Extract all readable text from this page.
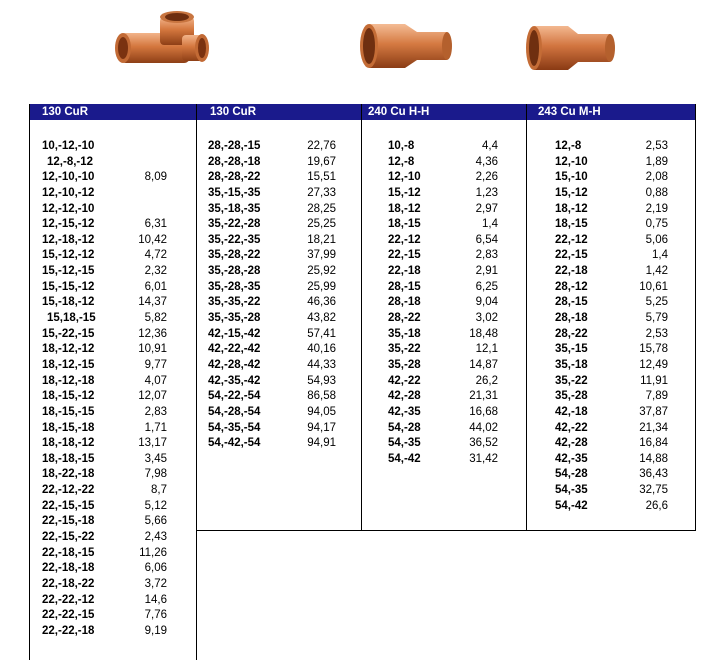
130 CuR	130 CuR	240 Cu H-H	243 Cu M-H
10,-12,-10
12,-8,-12
12,-10,-10	8,09
12,-10,-12
12,-12,-10
12,-15,-12	6,31
12,-18,-12	10,42
15,-12,-12	4,72
15,-12,-15	2,32
15,-15,-12	6,01
15,-18,-12	14,37
15,18,-15	5,82
15,-22,-15	12,36
18,-12,-12	10,91
18,-12,-15	9,77
18,-12,-18	4,07
18,-15,-12	12,07
18,-15,-15	2,83
18,-15,-18	1,71
18,-18,-12	13,17
18,-18,-15	3,45
18,-22,-18	7,98
22,-12,-22	8,7
22,-15,-15	5,12
22,-15,-18	5,66
22,-15,-22	2,43
22,-18,-15	11,26
22,-18,-18	6,06
22,-18,-22	3,72
22,-22,-12	14,6
22,-22,-15	7,76
22,-22,-18	9,19
28,-28,-15	22,76
28,-28,-18	19,67
28,-28,-22	15,51
35,-15,-35	27,33
35,-18,-35	28,25
35,-22,-28	25,25
35,-22,-35	18,21
35,-28,-22	37,99
35,-28,-28	25,92
35,-28,-35	25,99
35,-35,-22	46,36
35,-35,-28	43,82
42,-15,-42	57,41
42,-22,-42	40,16
42,-28,-42	44,33
42,-35,-42	54,93
54,-22,-54	86,58
54,-28,-54	94,05
54,-35,-54	94,17
54,-42,-54	94,91
10,-8	4,4
12,-8	4,36
12,-10	2,26
15,-12	1,23
18,-12	2,97
18,-15	1,4
22,-12	6,54
22,-15	2,83
22,-18	2,91
28,-15	6,25
28,-18	9,04
28,-22	3,02
35,-18	18,48
35,-22	12,1
35,-28	14,87
42,-22	26,2
42,-28	21,31
42,-35	16,68
54,-28	44,02
54,-35	36,52
54,-42	31,42
12,-8	2,53
12,-10	1,89
15,-10	2,08
15,-12	0,88
18,-12	2,19
18,-15	0,75
22,-12	5,06
22,-15	1,4
22,-18	1,42
28,-12	10,61
28,-15	5,25
28,-18	5,79
28,-22	2,53
35,-15	15,78
35,-18	12,49
35,-22	11,91
35,-28	7,89
42,-18	37,87
42,-22	21,34
42,-28	16,84
42,-35	14,88
54,-28	36,43
54,-35	32,75
54,-42	26,6
